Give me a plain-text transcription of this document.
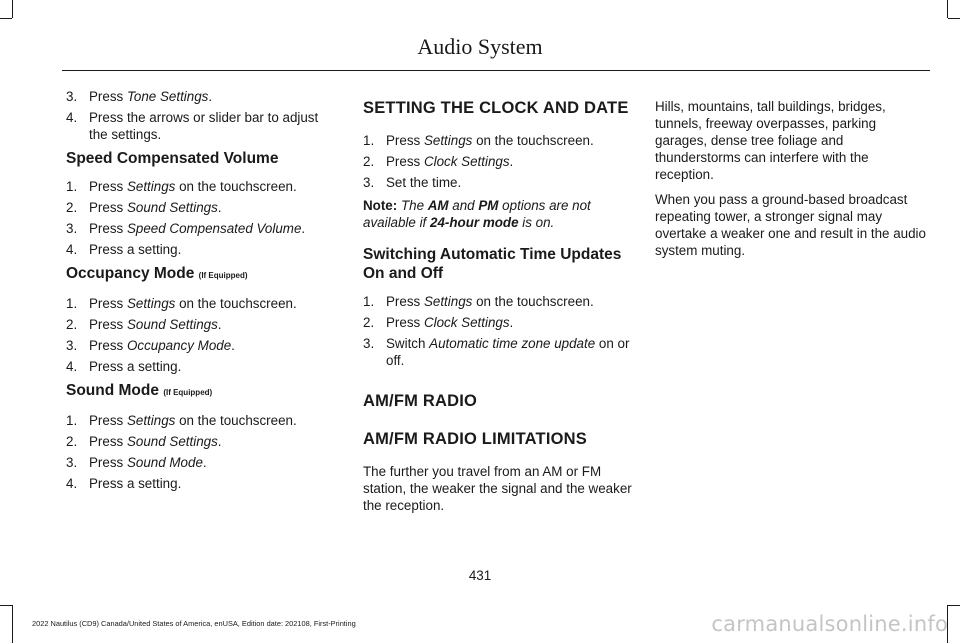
Audio System
3. Press Tone Settings.
4. Press the arrows or slider bar to adjust the settings.
Speed Compensated Volume
1. Press Settings on the touchscreen.
2. Press Sound Settings.
3. Press Speed Compensated Volume.
4. Press a setting.
Occupancy Mode (If Equipped)
1. Press Settings on the touchscreen.
2. Press Sound Settings.
3. Press Occupancy Mode.
4. Press a setting.
Sound Mode (If Equipped)
1. Press Settings on the touchscreen.
2. Press Sound Settings.
3. Press Sound Mode.
4. Press a setting.
SETTING THE CLOCK AND DATE
1. Press Settings on the touchscreen.
2. Press Clock Settings.
3. Set the time.
Note: The AM and PM options are not available if 24-hour mode is on.
Switching Automatic Time Updates On and Off
1. Press Settings on the touchscreen.
2. Press Clock Settings.
3. Switch Automatic time zone update on or off.
AM/FM RADIO
AM/FM RADIO LIMITATIONS

The further you travel from an AM or FM station, the weaker the signal and the weaker the reception.

Hills, mountains, tall buildings, bridges, tunnels, freeway overpasses, parking garages, dense tree foliage and thunderstorms can interfere with the reception.

When you pass a ground-based broadcast repeating tower, a stronger signal may overtake a weaker one and result in the audio system muting.

431
2022 Nautilus (CD9) Canada/United States of America, enUSA, Edition date: 202108, First-Printing	carmanualsonline.info
